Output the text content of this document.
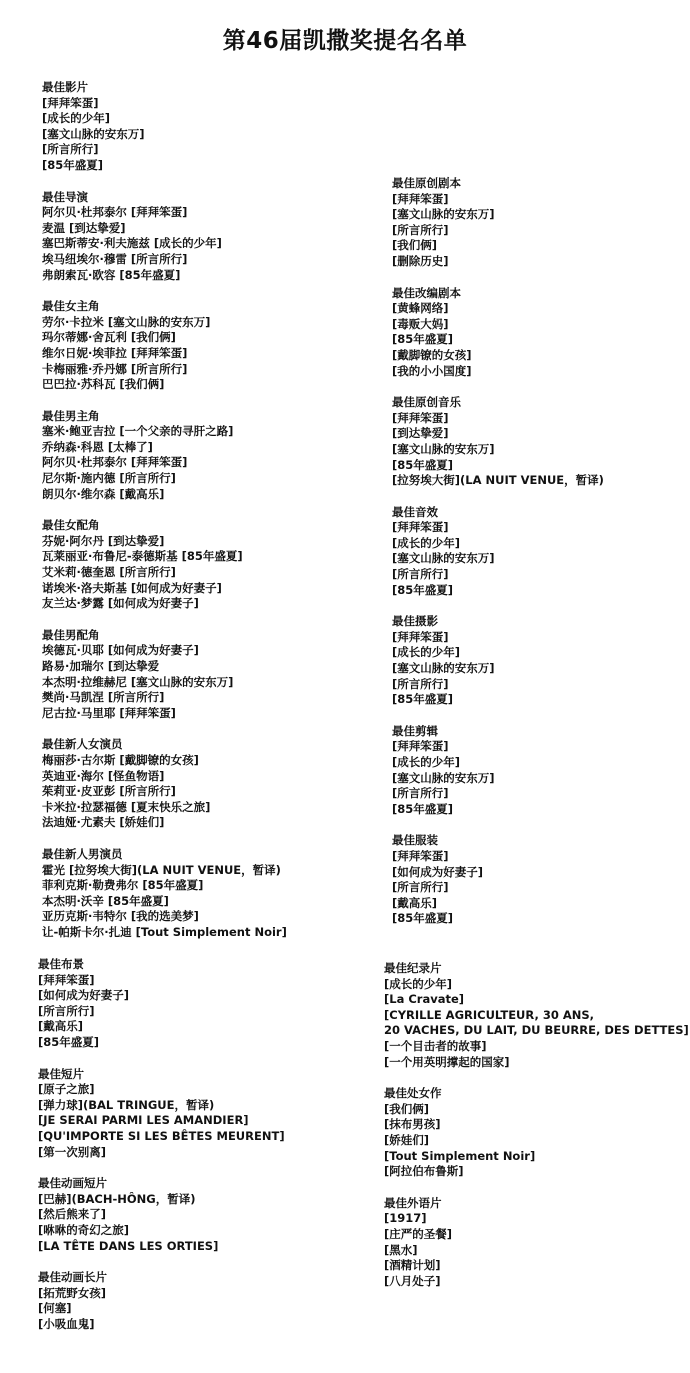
第46届凯撒奖提名名单
最佳影片
[拜拜笨蛋]
[成长的少年]
[塞文山脉的安东万]
[所言所行]
[85年盛夏]
最佳导演
阿尔贝·杜邦泰尔 [拜拜笨蛋]
麦温 [到达挚爱]
塞巴斯蒂安·利夫施兹 [成长的少年]
埃马纽埃尔·穆雷 [所言所行]
弗朗索瓦·欧容 [85年盛夏]
最佳女主角
劳尔·卡拉米 [塞文山脉的安东万]
玛尔蒂娜·舍瓦利 [我们俩]
维尔日妮·埃菲拉 [拜拜笨蛋]
卡梅丽雅·乔丹娜 [所言所行]
巴巴拉·苏科瓦 [我们俩]
最佳男主角
塞米·鲍亚吉拉 [一个父亲的寻肝之路]
乔纳森·科恩 [太棒了]
阿尔贝·杜邦泰尔 [拜拜笨蛋]
尼尔斯·施内德 [所言所行]
朗贝尔·维尔森 [戴高乐]
最佳女配角
芬妮·阿尔丹 [到达挚爱]
瓦莱丽亚·布鲁尼-泰德斯基 [85年盛夏]
艾米莉·德奎恩 [所言所行]
诺埃米·洛夫斯基 [如何成为好妻子]
友兰达·梦露 [如何成为好妻子]
最佳男配角
埃德瓦·贝耶 [如何成为好妻子]
路易·加瑞尔 [到达挚爱
本杰明·拉维赫尼 [塞文山脉的安东万]
樊尚·马凯涅 [所言所行]
尼古拉·马里耶 [拜拜笨蛋]
最佳新人女演员
梅丽莎·古尔斯 [戴脚镣的女孩]
英迪亚·海尔 [怪鱼物语]
茱莉亚·皮亚彭 [所言所行]
卡米拉·拉瑟福德 [夏末快乐之旅]
法迪娅·尤素夫 [娇娃们]
最佳新人男演员
霍光 [拉努埃大街](LA NUIT VENUE，暂译)
菲利克斯·勒费弗尔 [85年盛夏]
本杰明·沃辛 [85年盛夏]
亚历克斯·韦特尔 [我的选美梦]
让-帕斯卡尔·扎迪 [Tout Simplement Noir]
最佳布景
[拜拜笨蛋]
[如何成为好妻子]
[所言所行]
[戴高乐]
[85年盛夏]
最佳短片
[原子之旅]
[弹力球](BAL TRINGUE，暂译)
[JE SERAI PARMI LES AMANDIER]
[QU'IMPORTE SI LES BÊTES MEURENT]
[第一次别离]
最佳动画短片
[巴赫](BACH-HÔNG，暂译)
[然后熊来了]
[咻咻的奇幻之旅]
[LA TÊTE DANS LES ORTIES]
最佳动画长片
[拓荒野女孩]
[何塞]
[小吸血鬼]
最佳原创剧本
[拜拜笨蛋]
[塞文山脉的安东万]
[所言所行]
[我们俩]
[删除历史]
最佳改编剧本
[黄蜂网络]
[毒贩大妈]
[85年盛夏]
[戴脚镣的女孩]
[我的小小国度]
最佳原创音乐
[拜拜笨蛋]
[到达挚爱]
[塞文山脉的安东万]
[85年盛夏]
[拉努埃大街](LA NUIT VENUE，暂译)
最佳音效
[拜拜笨蛋]
[成长的少年]
[塞文山脉的安东万]
[所言所行]
[85年盛夏]
最佳摄影
[拜拜笨蛋]
[成长的少年]
[塞文山脉的安东万]
[所言所行]
[85年盛夏]
最佳剪辑
[拜拜笨蛋]
[成长的少年]
[塞文山脉的安东万]
[所言所行]
[85年盛夏]
最佳服装
[拜拜笨蛋]
[如何成为好妻子]
[所言所行]
[戴高乐]
[85年盛夏]
最佳纪录片
[成长的少年]
[La Cravate]
[CYRILLE AGRICULTEUR, 30 ANS,
20 VACHES, DU LAIT, DU BEURRE, DES DETTES]
[一个目击者的故事]
[一个用英明撑起的国家]
最佳处女作
[我们俩]
[抹布男孩]
[娇娃们]
[Tout Simplement Noir]
[阿拉伯布鲁斯]
最佳外语片
[1917]
[庄严的圣餐]
[黑水]
[酒精计划]
[八月处子]
